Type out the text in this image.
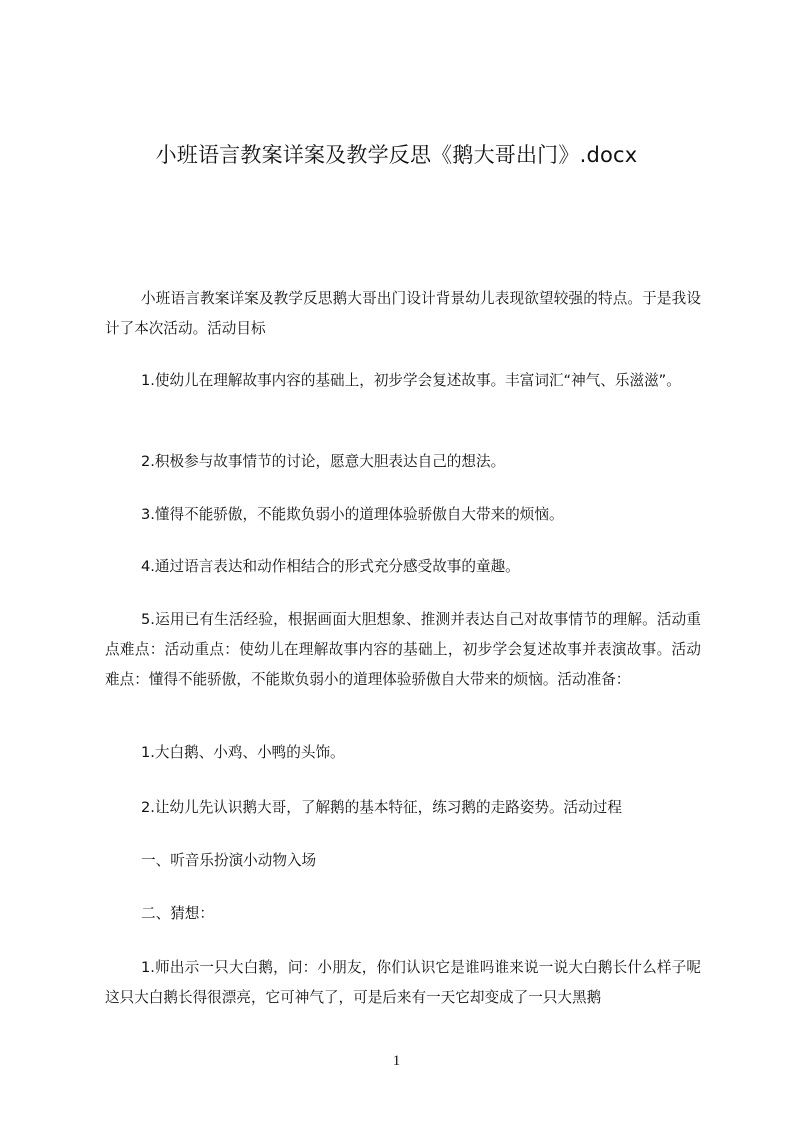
小班语言教案详案及教学反思《鹅大哥出门》.docx

小班语言教案详案及教学反思鹅大哥出门设计背景幼儿表现欲望较强的特点。于是我设计了本次活动。活动目标

1.使幼儿在理解故事内容的基础上，初步学会复述故事。丰富词汇“神气、乐滋滋”。

2.积极参与故事情节的讨论，愿意大胆表达自己的想法。

3.懂得不能骄傲，不能欺负弱小的道理体验骄傲自大带来的烦恼。

4.通过语言表达和动作相结合的形式充分感受故事的童趣。

5.运用已有生活经验，根据画面大胆想象、推测并表达自己对故事情节的理解。活动重点难点：活动重点：使幼儿在理解故事内容的基础上，初步学会复述故事并表演故事。活动难点：懂得不能骄傲，不能欺负弱小的道理体验骄傲自大带来的烦恼。活动准备：

1.大白鹅、小鸡、小鸭的头饰。

2.让幼儿先认识鹅大哥，了解鹅的基本特征，练习鹅的走路姿势。活动过程

一、听音乐扮演小动物入场

二、猜想：

1.师出示一只大白鹅，问：小朋友，你们认识它是谁吗谁来说一说大白鹅长什么样子呢这只大白鹅长得很漂亮，它可神气了，可是后来有一天它却变成了一只大黑鹅

1
